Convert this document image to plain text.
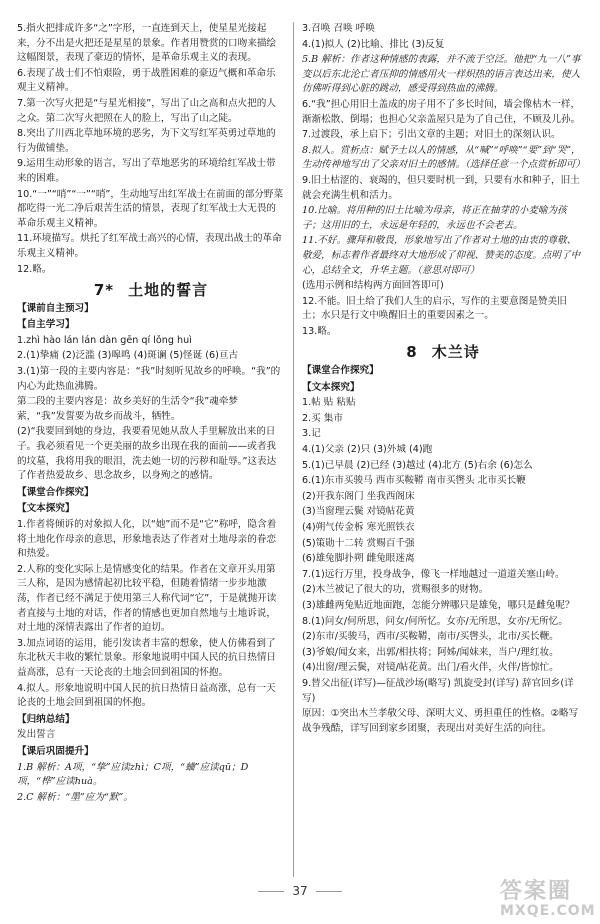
5.指火把排成许多“之”字形，一直连到天上，使星星光接起来，分不出是火把还是星星的景象。作者用赞赏的口吻来描绘这幅图景，表现了豪迈的情怀，是革命乐观主义的表现。
6.表现了战士们不怕艰险，勇于战胜困难的豪迈气概和革命乐观主义精神。
7.第一次写火把是“与星光相接”，写出了山之高和点火把的人之众。第二次写火把照在人的脸上，写出了山之陡。
8.突出了川西北草地环境的恶劣，为下文写红军英勇过草地的行为做铺垫。
9.运用生动形象的语言，写出了草地恶劣的环境给红军战士带来的困难。
10.“一”“哨”“一”“哨”，生动地写出红军战士在前面的部分野菜都吃得一光二净后艰苦生活的情景，表现了红军战士大无畏的革命乐观主义精神。
11.环境描写。烘托了红军战士高兴的心情，表现出战士的革命乐观主义精神。
12.略。
7* 土地的誓言
【课前自主预习】
【自主学习】
1.zhì hào lán lán dàn gēn qí lǒng huì
2.(1)挚痛 (2)泛滥 (3)嗥鸣 (4)斑谰 (5)怪诞 (6)亘古
3.(1)第一段的主要内容是：“我”时刻听见故乡的呼唤。“我”的内心为此热血沸腾。
第二段的主要内容是：故乡美好的生活令“我”魂牵梦萦，“我”发誓要为故乡而战斗，牺牲。
(2)“我要回到她的身边，我要看见她从敌人手里解放出来的日子。我必须看见一个更美丽的故乡出现在我的面前——或者我的坟墓，我将用我的眼泪，洗去她一切的污秽和耻辱。”这表达了作者热爱故乡、思念故乡，以身殉之的感情。
【课堂合作探究】
【文本探究】
1.作者将倾诉的对象拟人化，以“她”而不是“它”称呼，隐含着将土地化作母亲的意思，形象地表达了作者对土地母亲的眷恋和热爱。
2.人称的变化实际上是情感变化的结果。作者在文章开头用第三人称，是因为感情起初比较平稳，但随着情绪一步步地激荡，作者已经不满足于使用第三人称代词“它”，于是就抛开读者直接与土地的对话，作者的情感也更加自然地与土地诉说，对土地的深情表露出了作者的迫切。
3.加点词语的运用，能引发读者丰富的想象，使人仿佛看到了东北秋天丰收的繁忙景象。形象地说明中国人民的抗日热情日益高涨，总有一天论丧的土地会回到祖国的怀抱。
4.拟人。形象地说明中国人民的抗日热情日益高涨，总有一天论丧的土地会回到祖国的怀抱。
【归纳总结】
发出誓言
【课后巩固提升】
1.B 解析：A项，“挚”应读zhì；C项，“蛐”应读qū；D项，“桦”应读huà。
2.C 解析：“墨”应为“默”。
3.召唤 召唤 呼唤
4.(1)拟人 (2)比喻、排比 (3)反复
5.B 解析：作者这种情感的表露，并不流于空泛。他把“九一八”事变以后东北沦亡者压抑的情感用火一样炽热的语言表达出来，使人仿佛听得到心脏的跳动，感受得到热血的沸腾。
6.“我”担心用旧土盖成的房子用不了多长时间，墙会像枯木一样，渐渐松散、倒塌；也担心父亲盖屋只是为了自己住，不顾及儿孙。
7.过渡段，承上启下；引出文章的主题；对旧土的深刻认识。
8.拟人。赏析点：赋予土以人的情感，从“喊”“呼唤”“要”到“哭”，生动传神地写出了父亲对旧土的感情。（选择任意一个点赏析即可）
9.旧土枯涩的、衰竭的，但只要时机一到，只要有水和种子，旧土就会充满生机和活力。
10.比喻。将用种的旧土比喻为母亲，将正在抽芽的小麦喻为孩子；这用旧的土，永远是年轻的，永远也不会老去。
11.不好。骤拜和敬畏，形象地写出了作者对土地的由衷的尊敬、敬爱，标志着作者最终对大地形成了仰视、赞美的态度。点明了中心，总结全文，升华主题。（意思对即可）
(选用示例和结构两方面回答即可)
12.不能。旧土给了我们人生的启示，写作的主要意图是赞美旧土；水只是行文中唤醒旧土的重要因素之一。
13.略。
8 木兰诗
【课堂合作探究】
【文本探究】
1.帖 贴 粘贴
2.买 集市
3.记
4.(1)父亲 (2)只 (3)外城 (4)跑
5.(1)已早晨 (2)已经 (3)越过 (4)北方 (5)右余 (6)怎么
6.(1)东市买骏马 西市买鞍鞯 南市买辔头 北市买长鞭
(2)开我东阁门 坐我西阁床
(3)当窗理云鬓 对镜帖花黄
(4)朔气传金柝 寒光照铁衣
(5)策勋十二转 赏赐百千强
(6)雄兔脚扑朔 雌兔眼迷离
7.(1)远行万里，投身战争，像飞一样地越过一道道关塞山岭。
(2)木兰被记了很大的功，赏赐很多的财物。
(3)雄雌两兔贴近地面跑，怎能分辨哪只是雄兔，哪只是雌兔呢？
8.(1)问女/何所思，问女/何所忆。女亦/无所思，女亦/无所忆。
(2)东市/买骏马，西市/买鞍鞯，南市/买辔头，北市/买长鞭。
(3)爷娘/闻女来，出郭/相扶将；阿姊/闻妹来，当户/理红妆。
(4)出窗/理云鬓，对镜/帖花黄。出门/看火伴，火伴/皆惊忙。
9.替父出征(详写)—征战沙场(略写) 凯旋受封(详写) 辞官回乡(详写)
原因：①突出木兰孝敬父母、深明大义、勇担重任的性格。②略写战争残酷，详写回到家乡团聚，表现出对美好生活的向往。
37	答案圈
MXQE.COM
